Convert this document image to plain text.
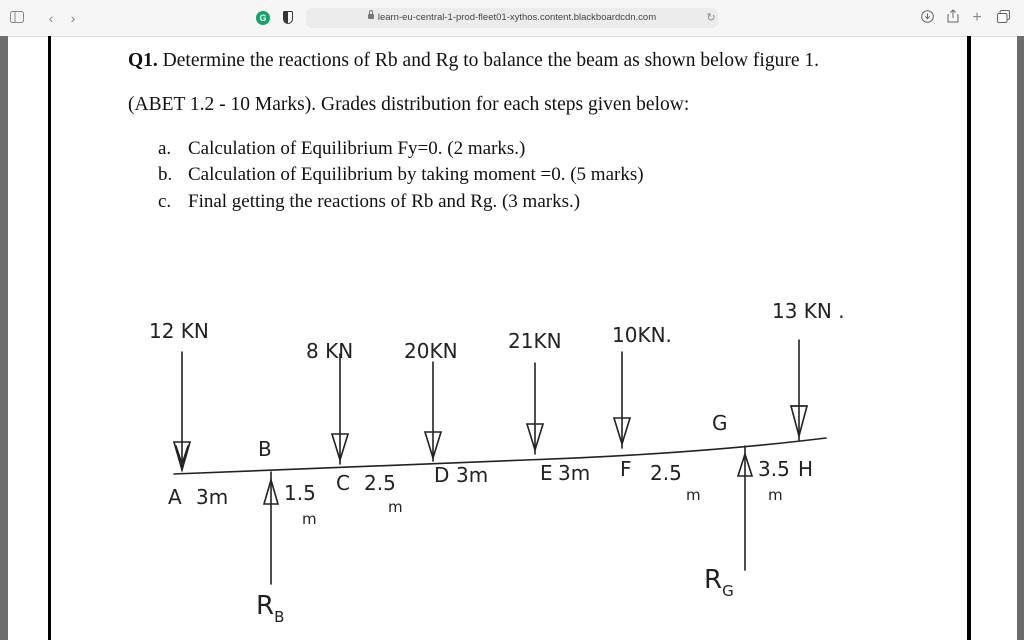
‹	›	G	learn-eu-central-1-prod-fleet01-xythos.content.blackboardcdn.com	↻	+
Q1. Determine the reactions of Rb and Rg to balance the beam as shown below figure 1.
(ABET 1.2 - 10 Marks). Grades distribution for each steps given below:
a. Calculation of Equilibrium Fy=0. (2 marks.)
b. Calculation of Equilibrium by taking moment =0. (5 marks)
c. Final getting the reactions of Rb and Rg. (3 marks.)
12 KN
8 KN	20KN	21KN	10KN.
13 KN .
A
B
C	D	E	F
G
H
3m	1.5
m
2.5
m
3m	3m	2.5
m
3.5
m
$R_B$
$R_G$
